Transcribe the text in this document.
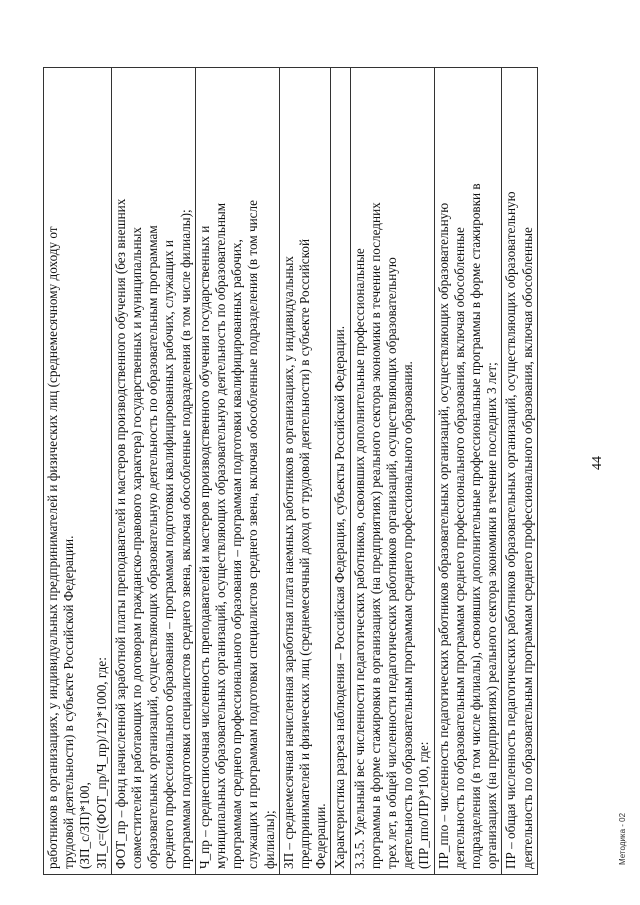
44

работников в организациях, у индивидуальных предпринимателей и физических лиц (среднемесячному доходу от трудовой деятельности) в субъекте Российской Федерации. (ЗП_с/ЗП)*100, ЗП_с=((ФОТ_пр/Ч_пр)/12)*1000, где:

ФОТ_пр – фонд начисленной заработной платы преподавателей и мастеров производственного обучения (без внешних совместителей и работающих по договорам гражданско-правового характера) государственных и муниципальных образовательных организаций, осуществляющих образовательную деятельность по образовательным программам среднего профессионального образования – программам подготовки квалифицированных рабочих, служащих и программам подготовки специалистов среднего звена, включая обособленные подразделения (в том числе филиалы);

Ч_пр – среднесписочная численность преподавателей и мастеров производственного обучения государственных и муниципальных образовательных организаций, осуществляющих образовательную деятельность по образовательным программам среднего профессионального образования – программам подготовки квалифицированных рабочих, служащих и программам подготовки специалистов среднего звена, включая обособленные подразделения (в том числе филиалы);

ЗП – среднемесячная начисленная заработная плата наемных работников в организациях, у индивидуальных предпринимателей и физических лиц (среднемесячный доход от трудовой деятельности) в субъекте Российской Федерации.

Характеристика разреза наблюдения – Российская Федерация, субъекты Российской Федерации.

3.3.5. Удельный вес численности педагогических работников, освоивших дополнительные профессиональные программы в форме стажировки в организациях (на предприятиях) реального сектора экономики в течение последних трех лет, в общей численности педагогических работников организаций, осуществляющих образовательную деятельность по образовательным программам среднего профессионального образования. (ПР_ппо/ПР)*100, где:

ПР_ппо – численность педагогических работников образовательных организаций, осуществляющих образовательную деятельность по образовательным программам среднего профессионального образования, включая обособленные подразделения (в том числе филиалы), освоивших дополнительные профессиональные программы в форме стажировки в организациях (на предприятиях) реального сектора экономики в течение последних 3 лет;

ПР – общая численность педагогических работников образовательных организаций, осуществляющих образовательную деятельность по образовательным программам среднего профессионального образования, включая обособленные	Методика - 02
